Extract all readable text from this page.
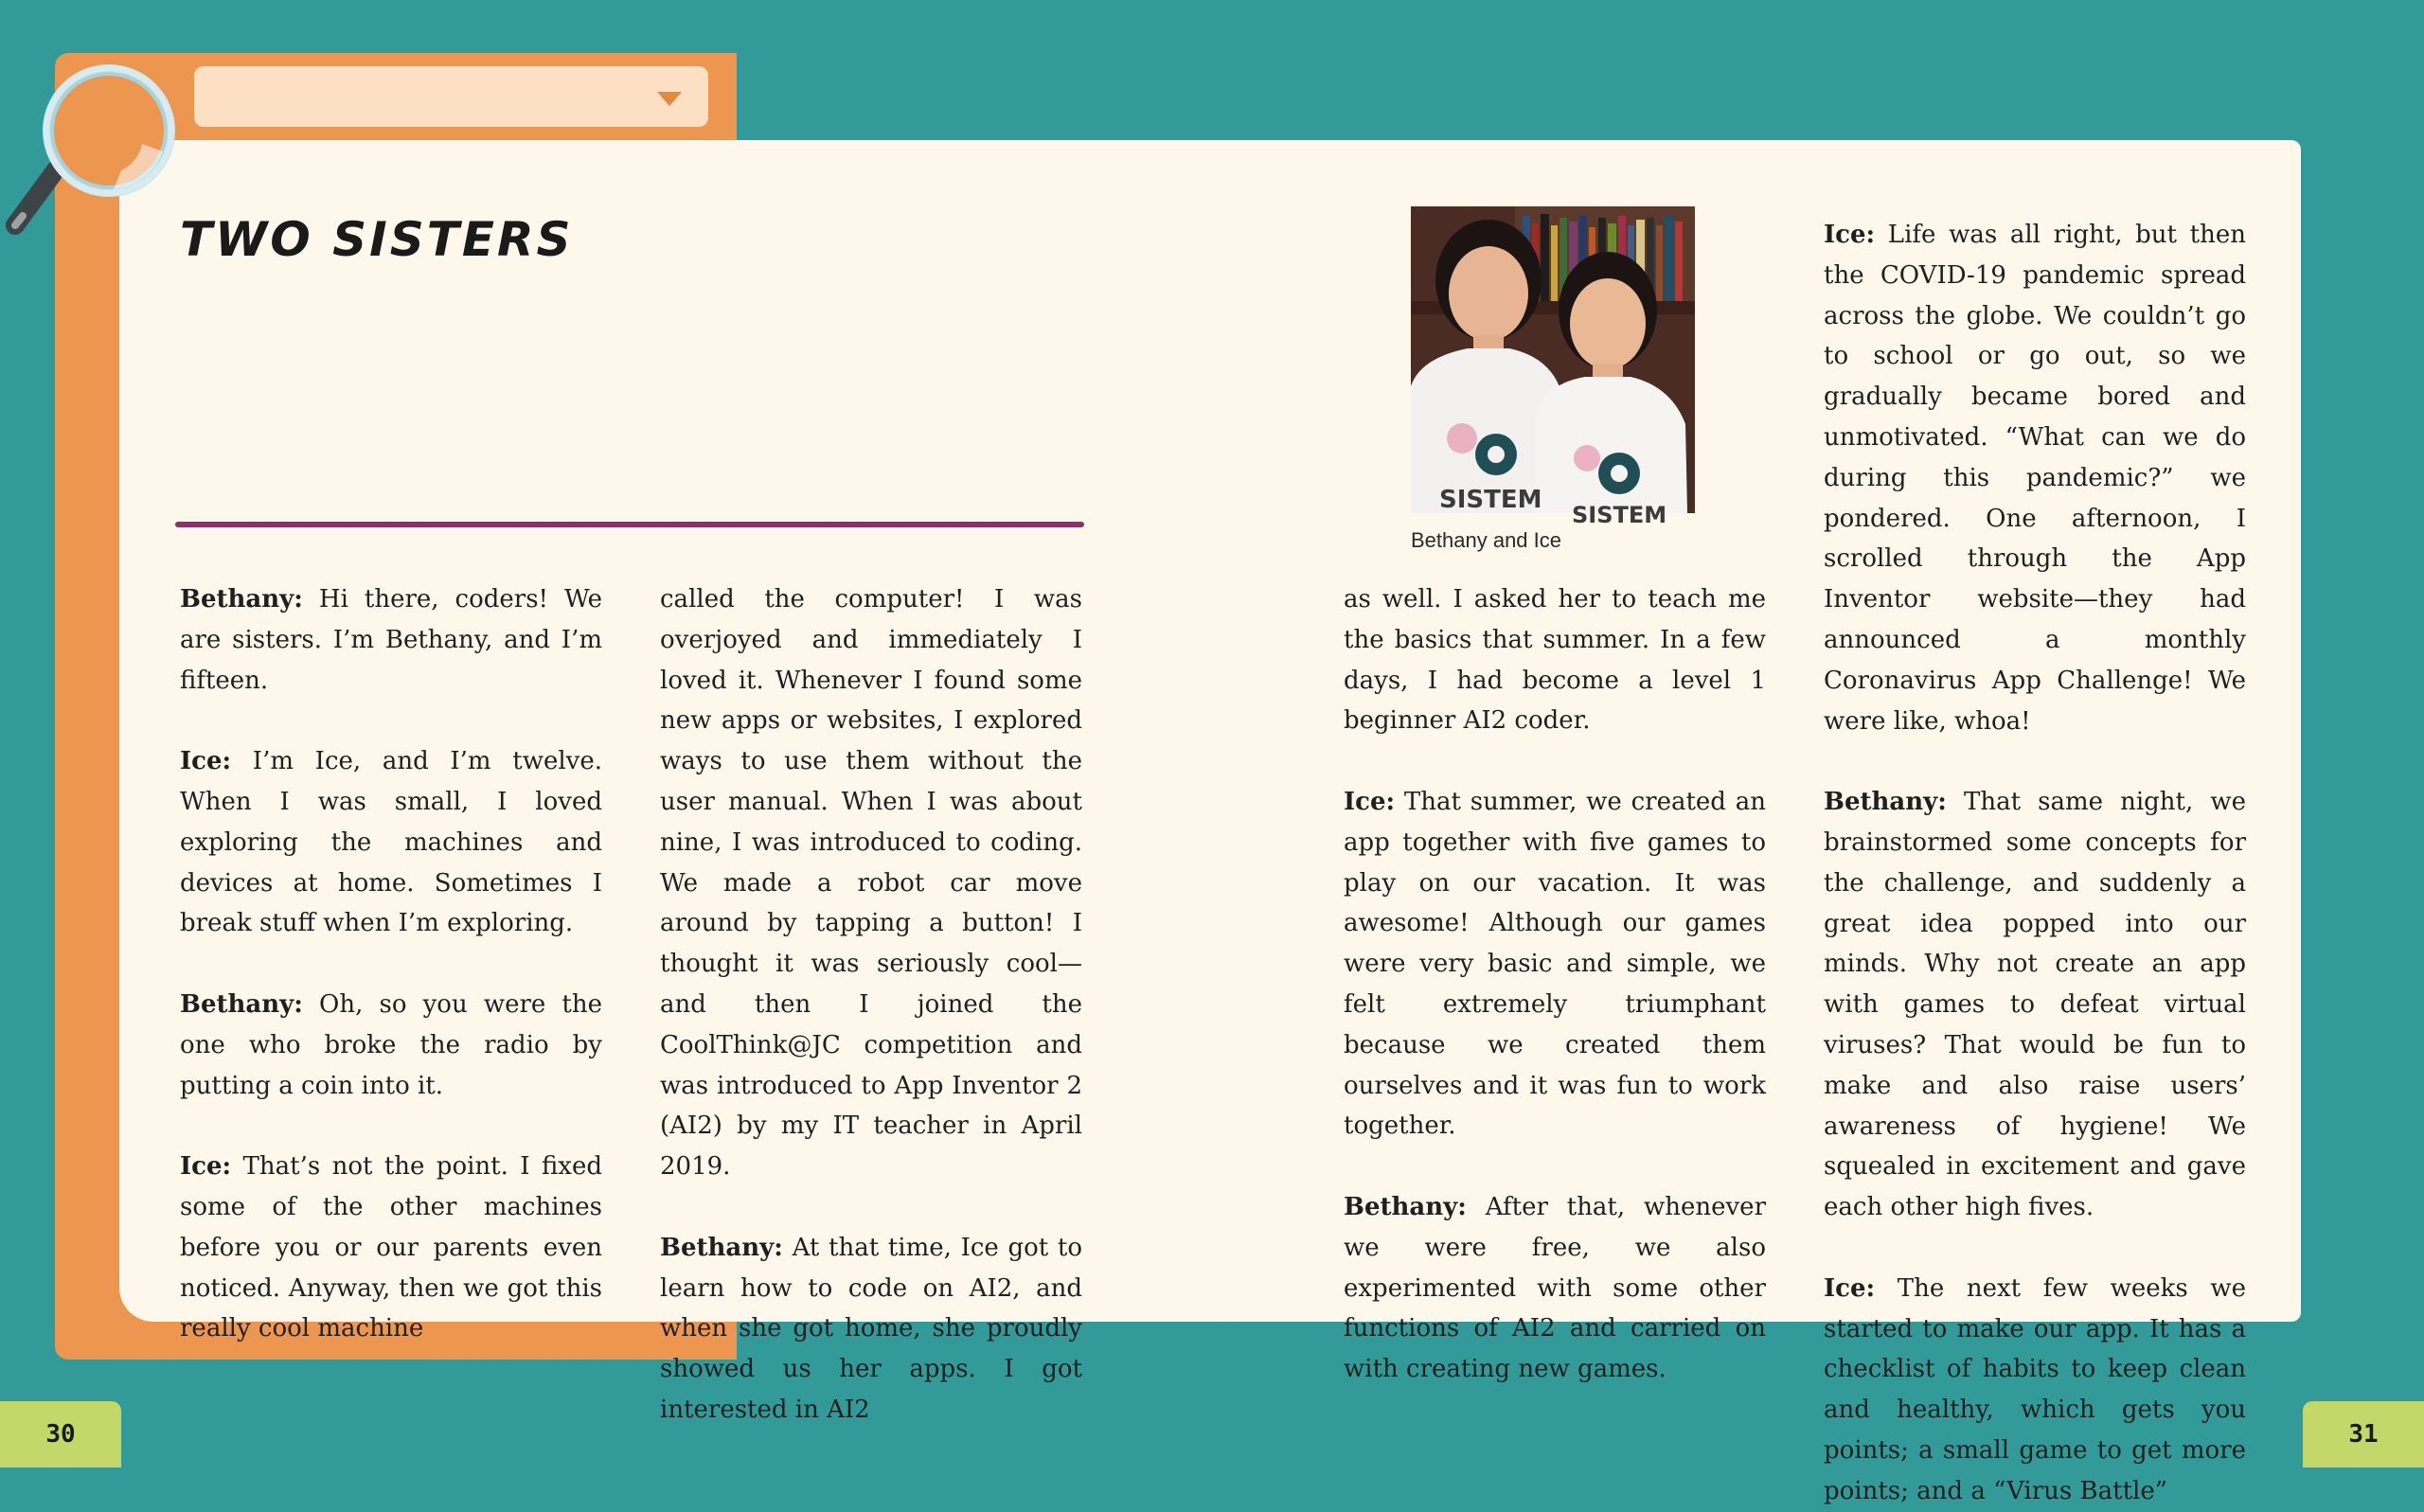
TWO SISTERS

Bethany: Hi there, coders! We are sisters. I’m Bethany, and I’m fifteen.

Ice: I’m Ice, and I’m twelve. When I was small, I loved exploring the machines and devices at home. Sometimes I break stuff when I’m exploring.

Bethany: Oh, so you were the one who broke the radio by putting a coin into it.

Ice: That’s not the point. I fixed some of the other machines before you or our parents even noticed. Anyway, then we got this really cool machine

called the computer! I was overjoyed and immediately I loved it. Whenever I found some new apps or websites, I explored ways to use them without the user manual. When I was about nine, I was introduced to coding. We made a robot car move around by tapping a button! I thought it was seriously cool—and then I joined the CoolThink@JC competition and was introduced to App Inventor 2 (AI2) by my IT teacher in April 2019.

Bethany: At that time, Ice got to learn how to code on AI2, and when she got home, she proudly showed us her apps. I got interested in AI2

SISTEM
SISTEM
Bethany and Ice

as well. I asked her to teach me the basics that summer. In a few days, I had become a level 1 beginner AI2 coder.

Ice: That summer, we created an app together with five games to play on our vacation. It was awesome! Although our games were very basic and simple, we felt extremely triumphant because we created them ourselves and it was fun to work together.

Bethany: After that, whenever we were free, we also experimented with some other functions of AI2 and carried on with creating new games.

Ice: Life was all right, but then the COVID-19 pandemic spread across the globe. We couldn’t go to school or go out, so we gradually became bored and unmotivated. “What can we do during this pandemic?” we pondered. One afternoon, I scrolled through the App Inventor website—they had announced a monthly Coronavirus App Challenge! We were like, whoa!

Bethany: That same night, we brainstormed some concepts for the challenge, and suddenly a great idea popped into our minds. Why not create an app with games to defeat virtual viruses? That would be fun to make and also raise users’ awareness of hygiene! We squealed in excitement and gave each other high fives.

Ice: The next few weeks we started to make our app. It has a checklist of habits to keep clean and healthy, which gets you points; a small game to get more points; and a “Virus Battle”

30	31
